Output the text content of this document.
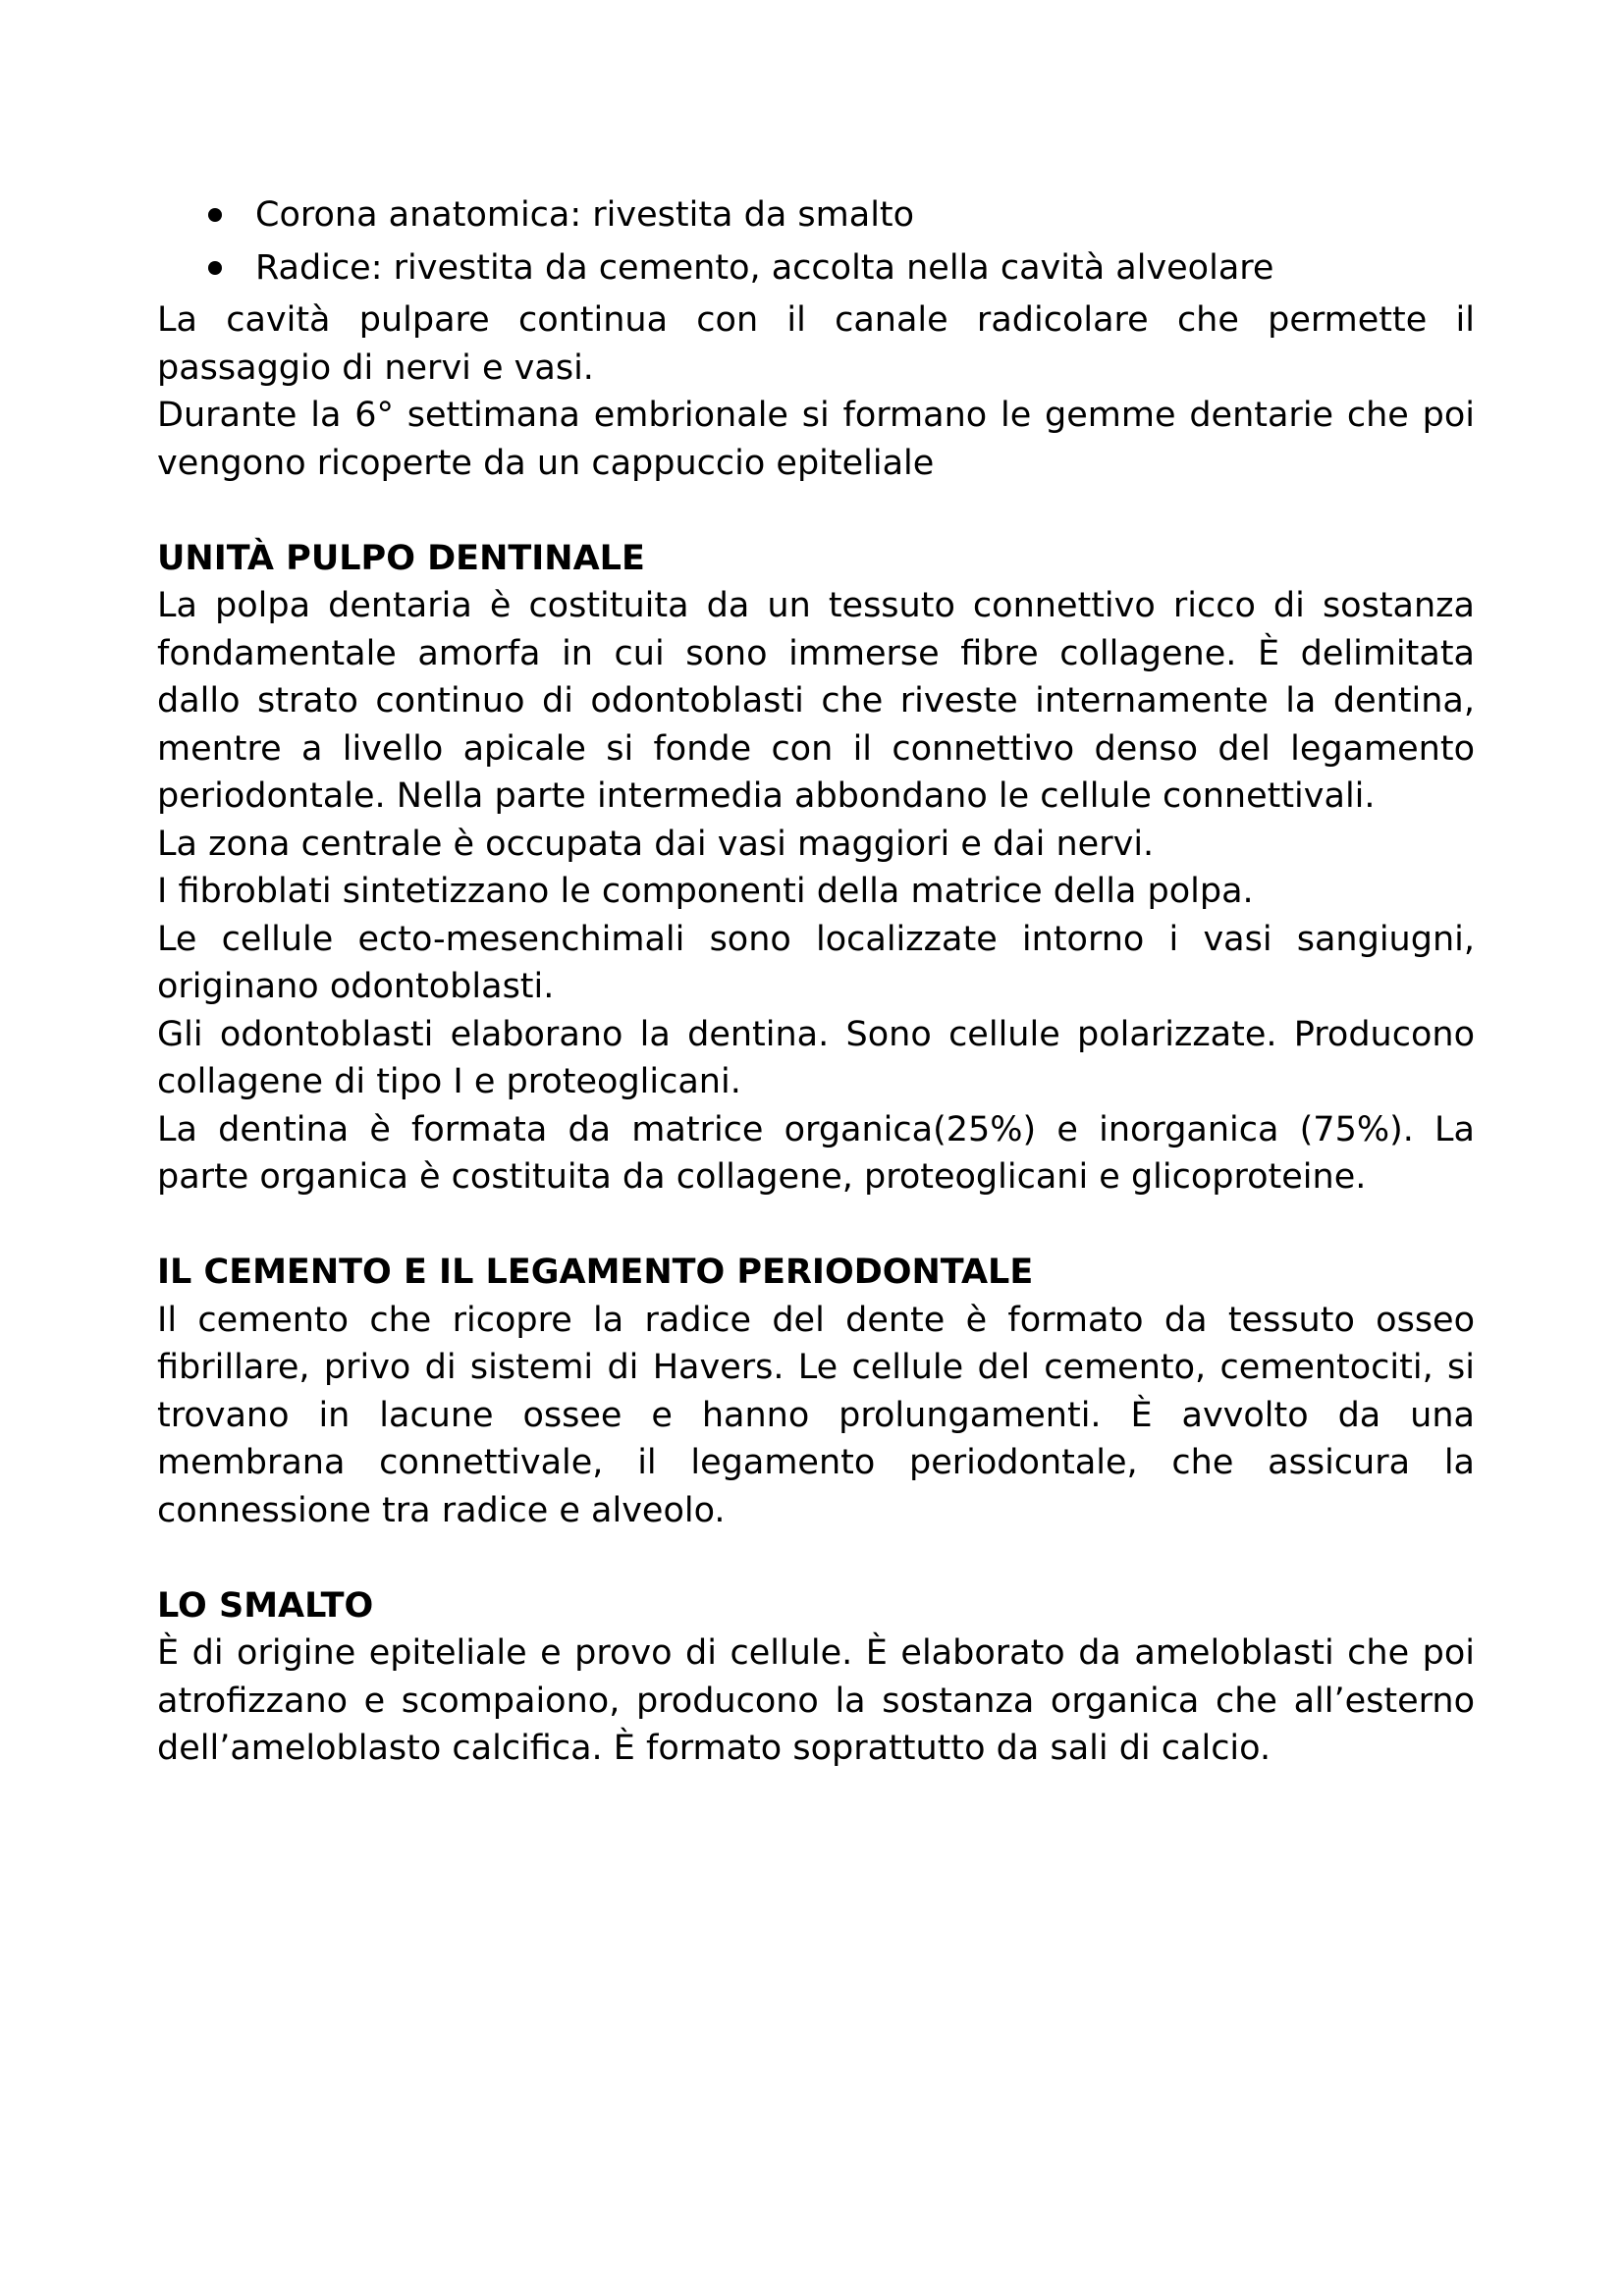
Corona anatomica: rivestita da smalto
Radice: rivestita da cemento, accolta nella cavità alveolare

La cavità pulpare continua con il canale radicolare che permette il passaggio di nervi e vasi.

Durante la 6° settimana embrionale si formano le gemme dentarie che poi vengono ricoperte da un cappuccio epiteliale

UNITÀ PULPO DENTINALE

La polpa dentaria è costituita da un tessuto connettivo ricco di sostanza fondamentale amorfa in cui sono immerse fibre collagene. È delimitata dallo strato continuo di odontoblasti che riveste internamente la dentina, mentre a livello apicale si fonde con il connettivo denso del legamento periodontale. Nella parte intermedia abbondano le cellule connettivali.

La zona centrale è occupata dai vasi maggiori e dai nervi.

I fibroblati sintetizzano le componenti della matrice della polpa.

Le cellule ecto-mesenchimali sono localizzate intorno i vasi sangiugni, originano odontoblasti.

Gli odontoblasti elaborano la dentina. Sono cellule polarizzate. Producono collagene di tipo I e proteoglicani.

La dentina è formata da matrice organica(25%) e inorganica (75%). La parte organica è costituita da collagene, proteoglicani e glicoproteine.

IL CEMENTO E IL LEGAMENTO PERIODONTALE

Il cemento che ricopre la radice del dente è formato da tessuto osseo fibrillare, privo di sistemi di Havers. Le cellule del cemento, cementociti, si trovano in lacune ossee e hanno prolungamenti. È avvolto da una membrana connettivale, il legamento periodontale, che assicura la connessione tra radice e alveolo.

LO SMALTO

È di origine epiteliale e provo di cellule. È elaborato da ameloblasti che poi atrofizzano e scompaiono, producono la sostanza organica che all’esterno dell’ameloblasto calcifica. È formato soprattutto da sali di calcio.
